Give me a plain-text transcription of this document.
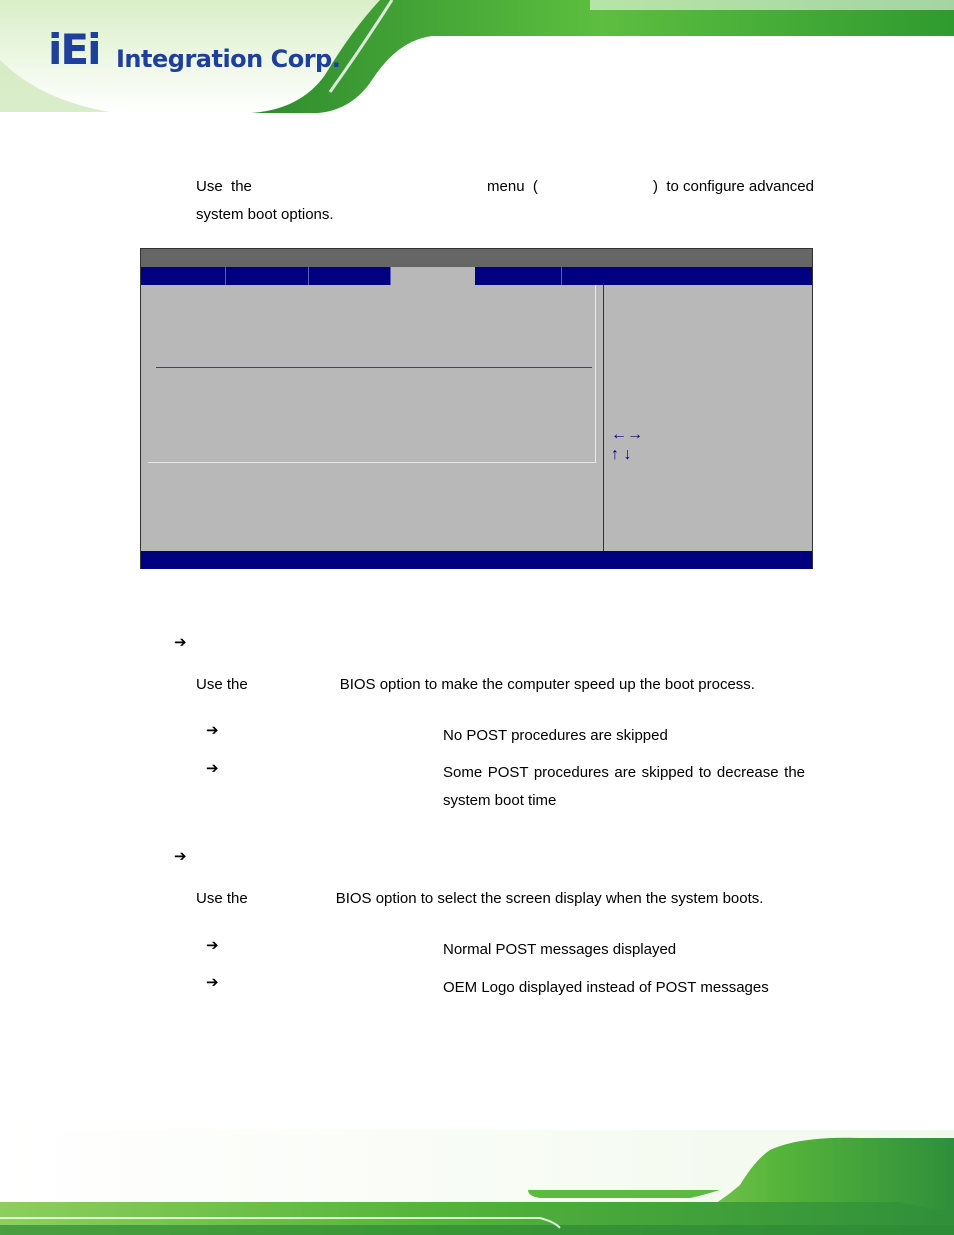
iEi Integration Corp.
Use the	menu (	) to configure advanced
system boot options.
←→
↑ ↓
➔
Use the	BIOS option to make the computer speed up the boot process.
➔	No POST procedures are skipped
➔	Some POST procedures are skipped to decrease the system boot time
➔
Use the	BIOS option to select the screen display when the system boots.
➔	Normal POST messages displayed
➔	OEM Logo displayed instead of POST messages
